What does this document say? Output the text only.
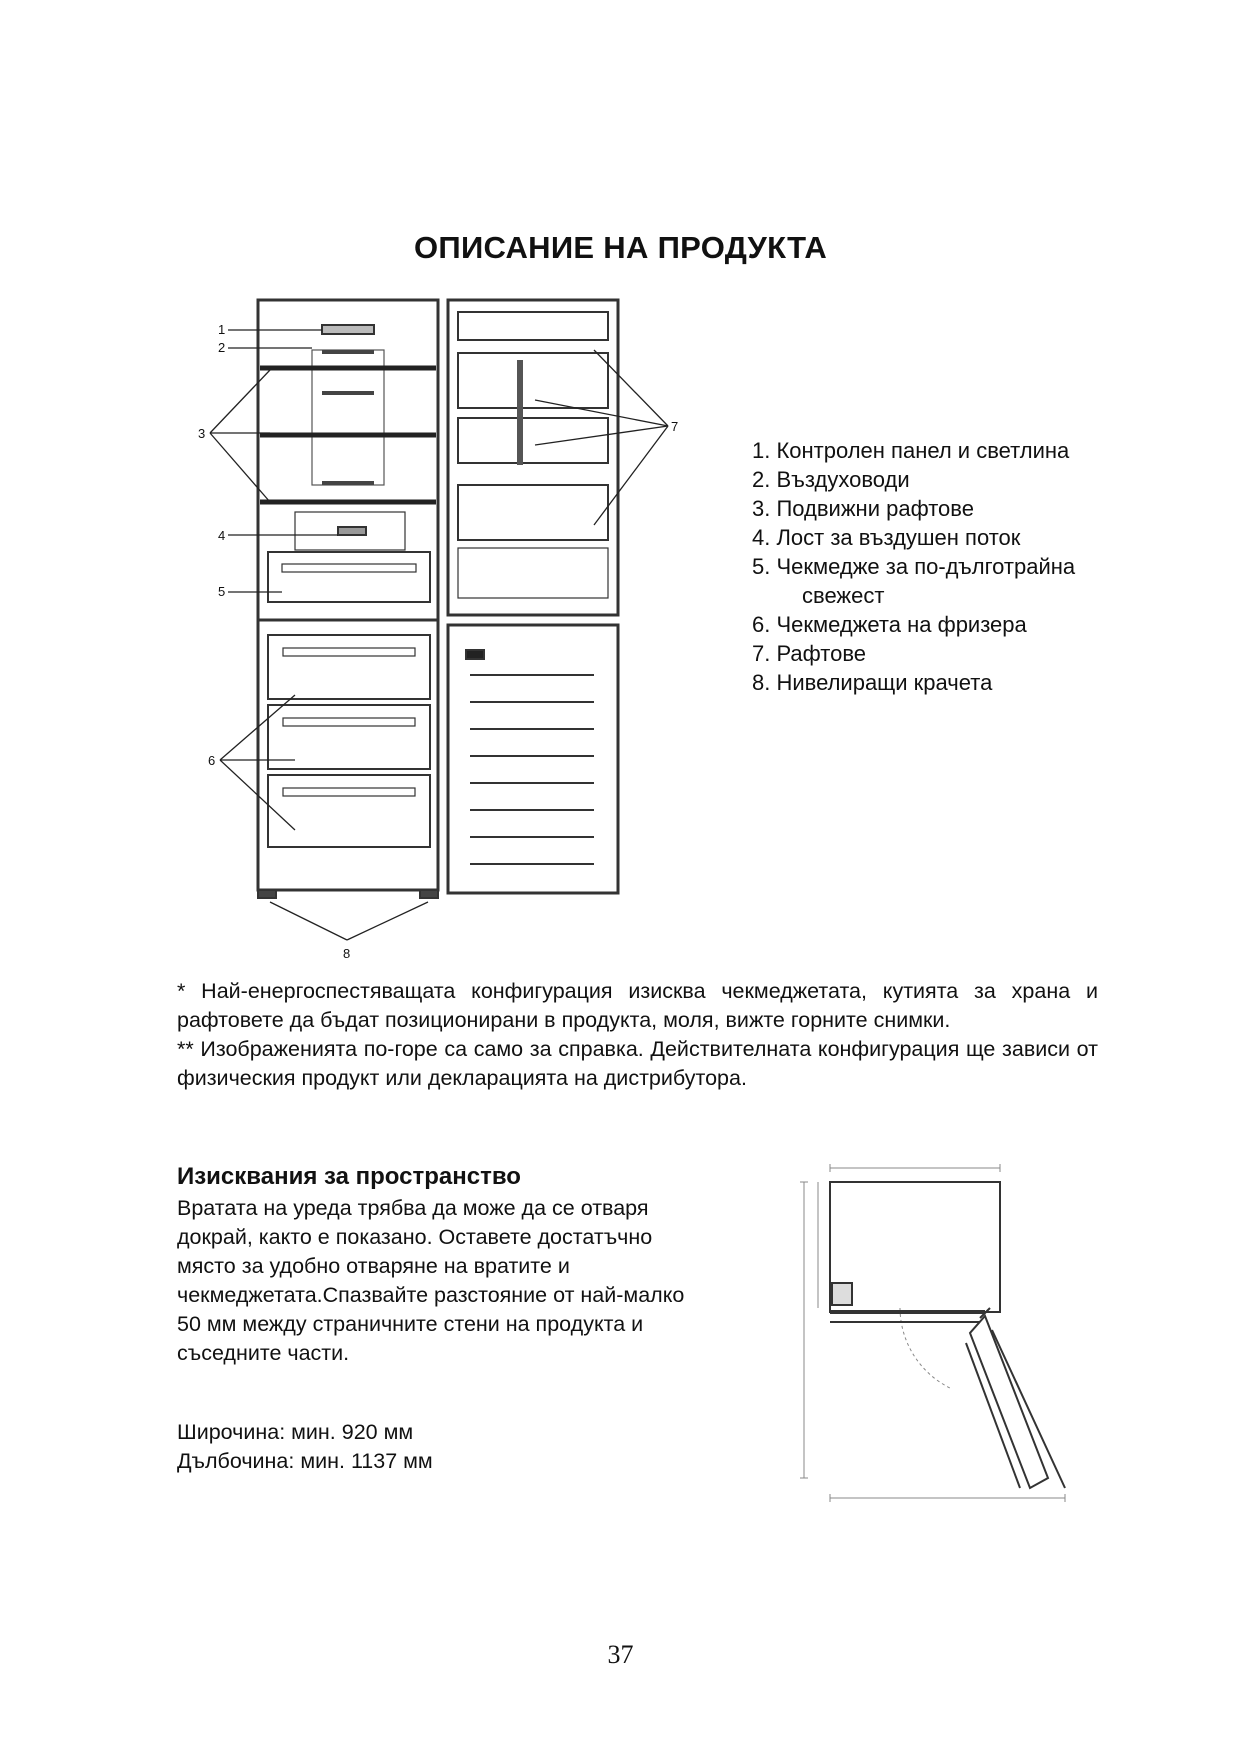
ОПИСАНИЕ НА ПРОДУКТА
1
2
3
4
5
6
7
8
1. Контролен панел и светлина
2. Въздуховоди
3. Подвижни рафтове
4. Лост за въздушен поток
5. Чекмедже за по-дълготрайна свежест
6. Чекмеджета на фризера
7. Рафтове
8. Нивелиращи крачета

* Най-енергоспестяващата конфигурация изисква чекмеджетата, кутията за храна и рафтовете да бъдат позиционирани в продукта, моля, вижте горните снимки.

** Изображенията по-горе са само за справка. Действителната конфигурация ще зависи от физическия продукт или декларацията на дистрибутора.

Изисквания за пространство

Вратата на уреда трябва да може да се отваря докрай, както е показано. Оставете достатъчно място за удобно отваряне на вратите и чекмеджетата.Спазвайте разстояние от най-малко 50 мм между страничните стени на продукта и съседните части.

Широчина: мин. 920 мм
Дълбочина: мин. 1137 мм
37
